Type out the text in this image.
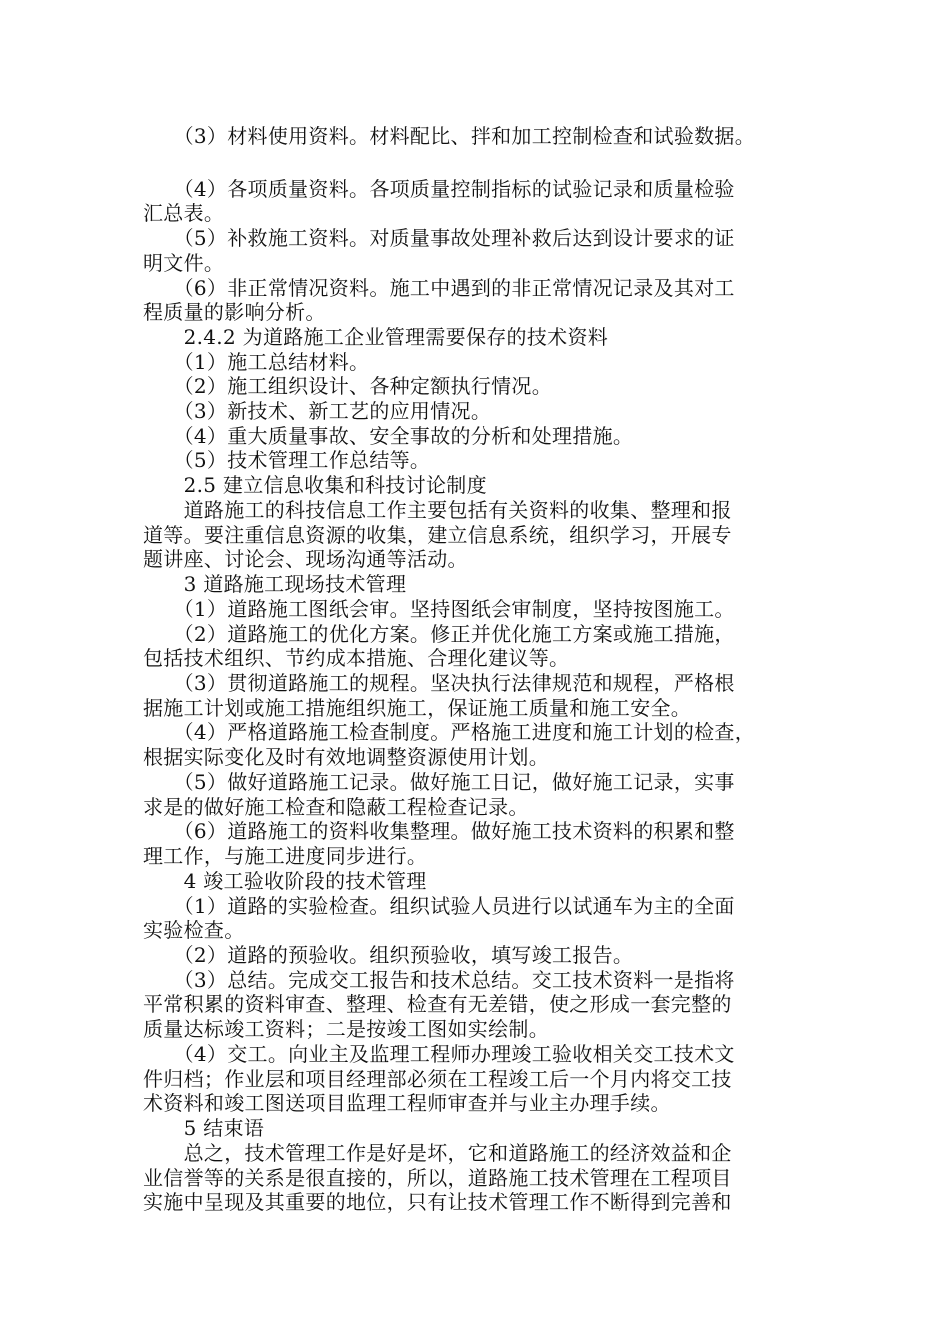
　　（3）材料使用资料。材料配比、拌和加工控制检查和试验数据。
　　（4）各项质量资料。各项质量控制指标的试验记录和质量检验
汇总表。
　　（5）补救施工资料。对质量事故处理补救后达到设计要求的证
明文件。
　　（6）非正常情况资料。施工中遇到的非正常情况记录及其对工
程质量的影响分析。
　　2.4.2 为道路施工企业管理需要保存的技术资料
　　（1）施工总结材料。
　　（2）施工组织设计、各种定额执行情况。
　　（3）新技术、新工艺的应用情况。
　　（4）重大质量事故、安全事故的分析和处理措施。
　　（5）技术管理工作总结等。
　　2.5 建立信息收集和科技讨论制度
　　道路施工的科技信息工作主要包括有关资料的收集、整理和报
道等。要注重信息资源的收集，建立信息系统，组织学习，开展专
题讲座、讨论会、现场沟通等活动。
　　3 道路施工现场技术管理
　　（1）道路施工图纸会审。坚持图纸会审制度，坚持按图施工。
　　（2）道路施工的优化方案。修正并优化施工方案或施工措施，
包括技术组织、节约成本措施、合理化建议等。
　　（3）贯彻道路施工的规程。坚决执行法律规范和规程，严格根
据施工计划或施工措施组织施工，保证施工质量和施工安全。
　　（4）严格道路施工检查制度。严格施工进度和施工计划的检查，
根据实际变化及时有效地调整资源使用计划。
　　（5）做好道路施工记录。做好施工日记，做好施工记录，实事
求是的做好施工检查和隐蔽工程检查记录。
　　（6）道路施工的资料收集整理。做好施工技术资料的积累和整
理工作，与施工进度同步进行。
　　4 竣工验收阶段的技术管理
　　（1）道路的实验检查。组织试验人员进行以试通车为主的全面
实验检查。
　　（2）道路的预验收。组织预验收，填写竣工报告。
　　（3）总结。完成交工报告和技术总结。交工技术资料一是指将
平常积累的资料审查、整理、检查有无差错，使之形成一套完整的
质量达标竣工资料；二是按竣工图如实绘制。
　　（4）交工。向业主及监理工程师办理竣工验收相关交工技术文
件归档；作业层和项目经理部必须在工程竣工后一个月内将交工技
术资料和竣工图送项目监理工程师审查并与业主办理手续。
　　5 结束语
　　总之，技术管理工作是好是坏，它和道路施工的经济效益和企
业信誉等的关系是很直接的，所以，道路施工技术管理在工程项目
实施中呈现及其重要的地位，只有让技术管理工作不断得到完善和
